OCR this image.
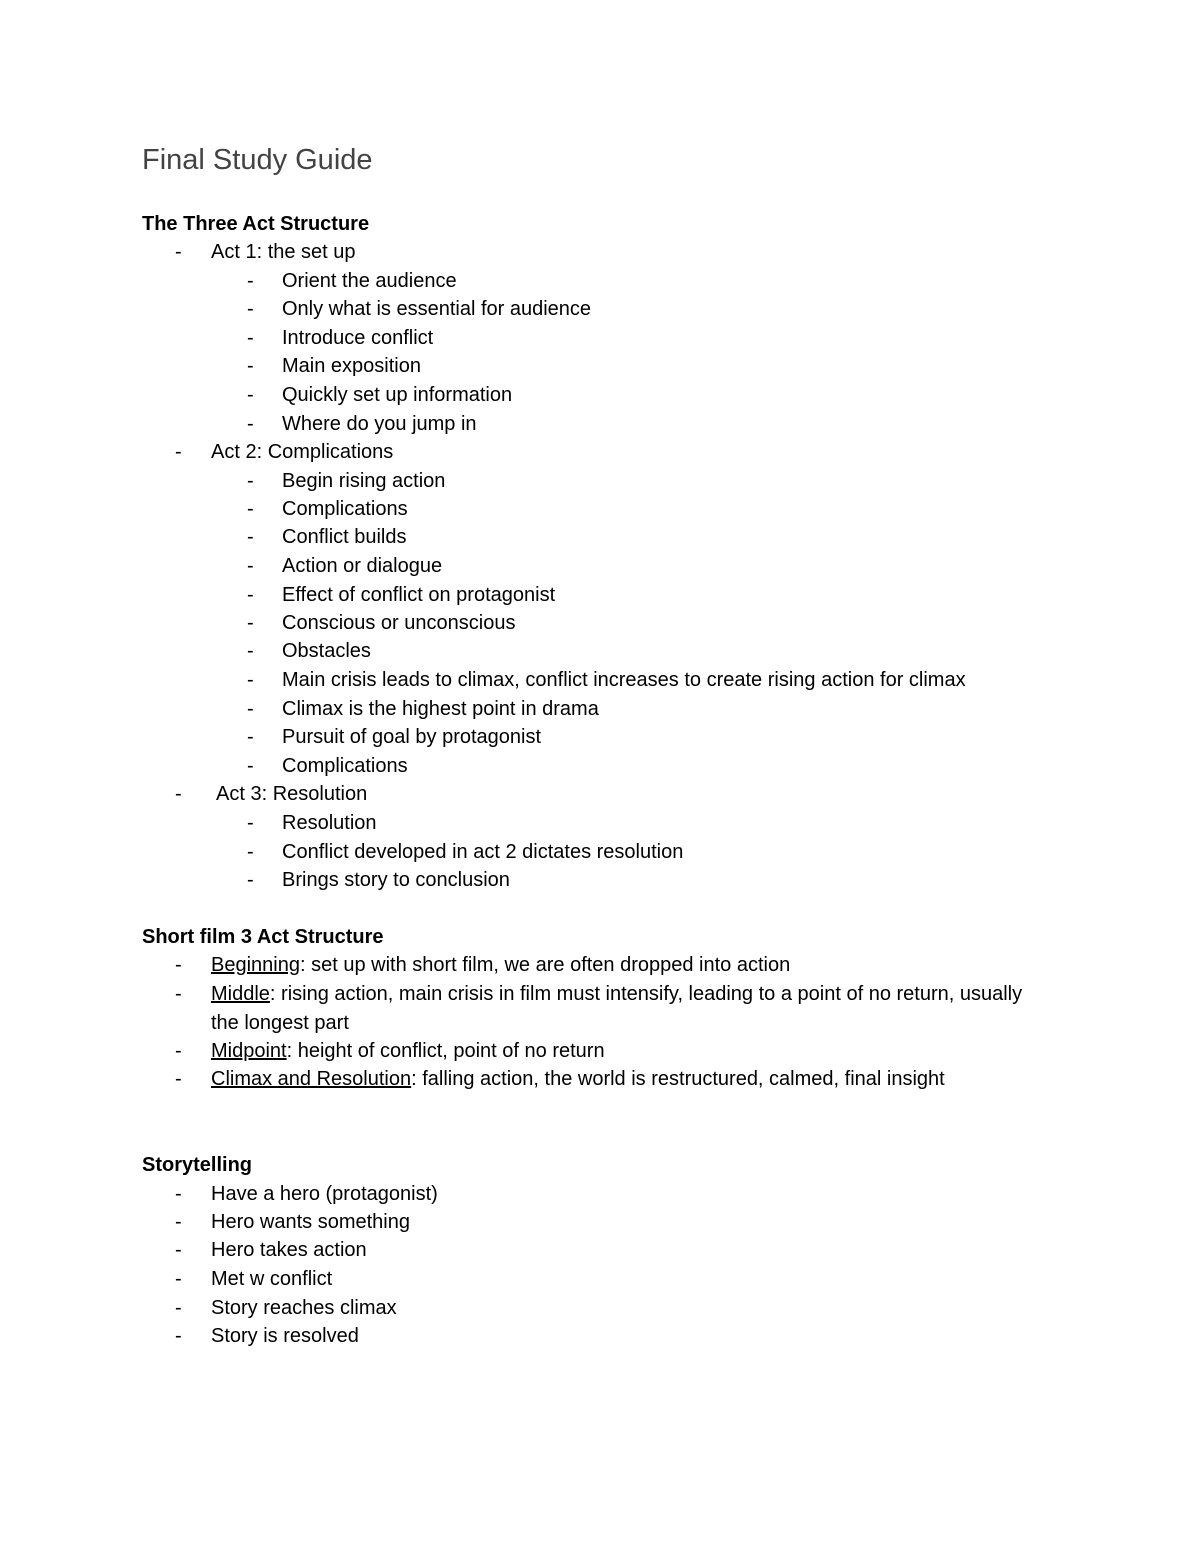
Final Study Guide
The Three Act Structure
- Act 1: the set up
- Orient the audience
- Only what is essential for audience
- Introduce conflict
- Main exposition
- Quickly set up information
- Where do you jump in
- Act 2: Complications
- Begin rising action
- Complications
- Conflict builds
- Action or dialogue
- Effect of conflict on protagonist
- Conscious or unconscious
- Obstacles
- Main crisis leads to climax, conflict increases to create rising action for climax
- Climax is the highest point in drama
- Pursuit of goal by protagonist
- Complications
- Act 3: Resolution
- Resolution
- Conflict developed in act 2 dictates resolution
- Brings story to conclusion
Short film 3 Act Structure
- Beginning: set up with short film, we are often dropped into action
- Middle: rising action, main crisis in film must intensify, leading to a point of no return, usually the longest part
- Midpoint: height of conflict, point of no return
- Climax and Resolution: falling action, the world is restructured, calmed, final insight
Storytelling
- Have a hero (protagonist)
- Hero wants something
- Hero takes action
- Met w conflict
- Story reaches climax
- Story is resolved
